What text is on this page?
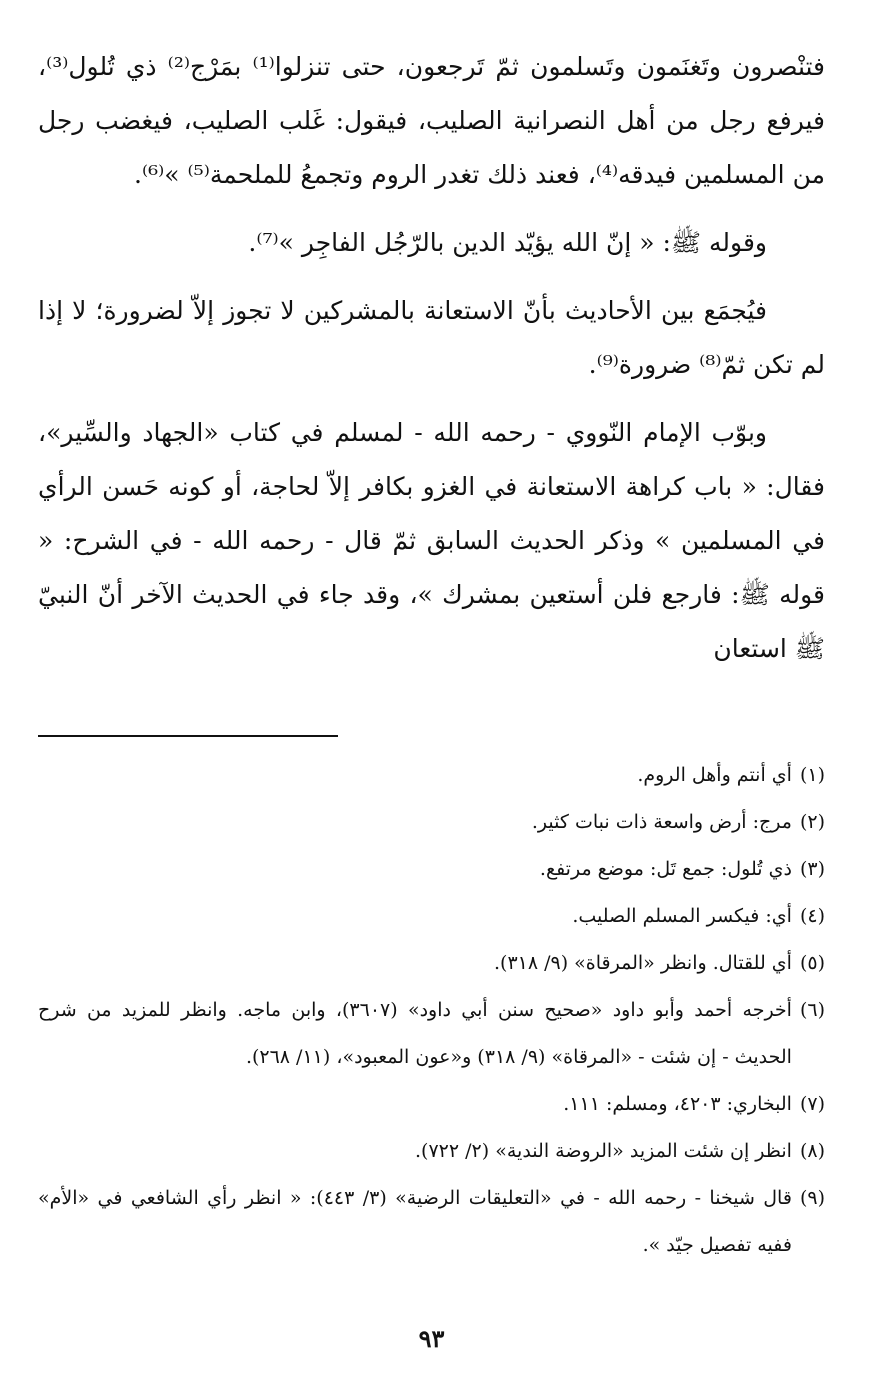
فتنْصرون وتَغنَمون وتَسلمون ثمّ تَرجعون، حتى تنزلوا⁽¹⁾ بمَرْج⁽²⁾ ذي تُلول⁽³⁾، فيرفع رجل من أهل النصرانية الصليب، فيقول: غَلب الصليب، فيغضب رجل من المسلمين فيدقه⁽⁴⁾، فعند ذلك تغدر الروم وتجمعُ للملحمة⁽⁵⁾ »⁽⁶⁾.

وقوله ﷺ: « إنّ الله يؤيّد الدين بالرّجُل الفاجِر »⁽⁷⁾.

فيُجمَع بين الأحاديث بأنّ الاستعانة بالمشركين لا تجوز إلاّ لضرورة؛ لا إذا لم تكن ثمّ⁽⁸⁾ ضرورة⁽⁹⁾.

وبوّب الإمام النّووي - رحمه الله - لمسلم في كتاب «الجهاد والسِّير»، فقال: « باب كراهة الاستعانة في الغزو بكافر إلاّ لحاجة، أو كونه حَسن الرأي في المسلمين » وذكر الحديث السابق ثمّ قال - رحمه الله - في الشرح: « قوله ﷺ: فارجع فلن أستعين بمشرك »، وقد جاء في الحديث الآخر أنّ النبيّ ﷺ استعان

(١)
أي أنتم وأهل الروم.
(٢)
مرج: أرض واسعة ذات نبات كثير.
(٣)
ذي تُلول: جمع تَل: موضع مرتفع.
(٤)
أي: فيكسر المسلم الصليب.
(٥)
أي للقتال. وانظر «المرقاة» (٩/ ٣١٨).
(٦)
أخرجه أحمد وأبو داود «صحيح سنن أبي داود» (٣٦٠٧)، وابن ماجه. وانظر للمزيد من شرح الحديث - إن شئت - «المرقاة» (٩/ ٣١٨) و«عون المعبود»، (١١/ ٢٦٨).
(٧)
البخاري: ٤٢٠٣، ومسلم: ١١١.
(٨)
انظر إن شئت المزيد «الروضة الندية» (٢/ ٧٢٢).
(٩)
قال شيخنا - رحمه الله - في «التعليقات الرضية» (٣/ ٤٤٣): « انظر رأي الشافعي في «الأم» ففيه تفصيل جيّد ».
٩٣
